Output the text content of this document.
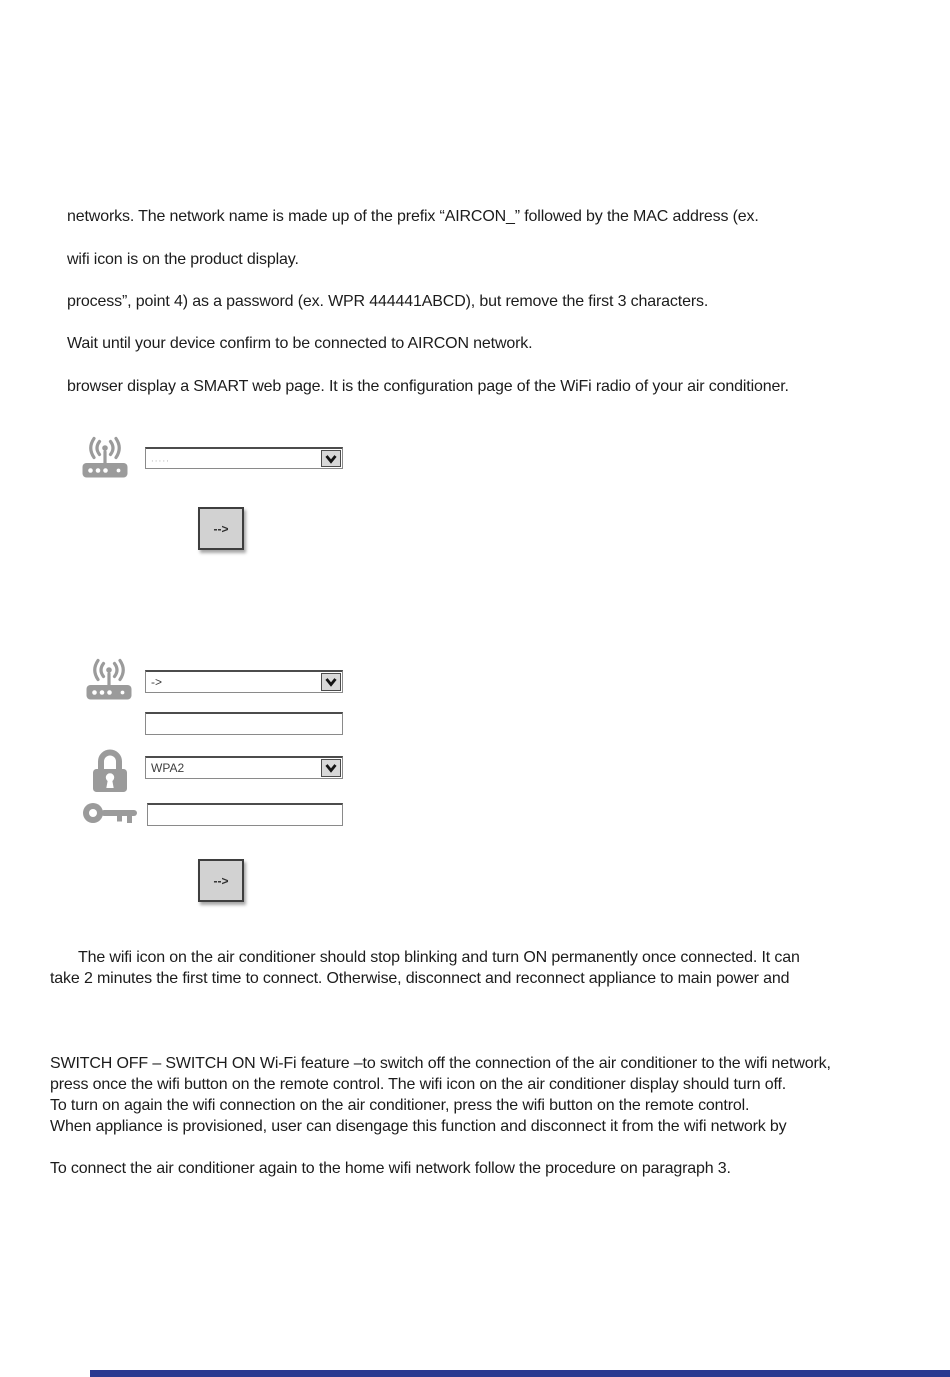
networks. The network name is made up of the prefix “AIRCON_” followed by the MAC address (ex.
wifi icon is on the product display.
process”, point 4) as a password (ex. WPR 444441ABCD), but remove the first 3 characters.
Wait until your device confirm to be connected to AIRCON network.
browser display a SMART web page. It is the configuration page of the WiFi radio of your air conditioner.
.....
-->
->
WPA2
-->
The wifi icon on the air conditioner should stop blinking and turn ON permanently once connected. It can
take 2 minutes the first time to connect. Otherwise, disconnect and reconnect appliance to main power and
SWITCH OFF – SWITCH ON Wi-Fi feature –to switch off the connection of the air conditioner to the wifi network,
press once the wifi button on the remote control. The wifi icon on the air conditioner display should turn off.
To turn on again the wifi connection on the air conditioner, press the wifi button on the remote control.
When appliance is provisioned, user can disengage this function and disconnect it from the wifi network by
To connect the air conditioner again to the home wifi network follow the procedure on paragraph 3.
